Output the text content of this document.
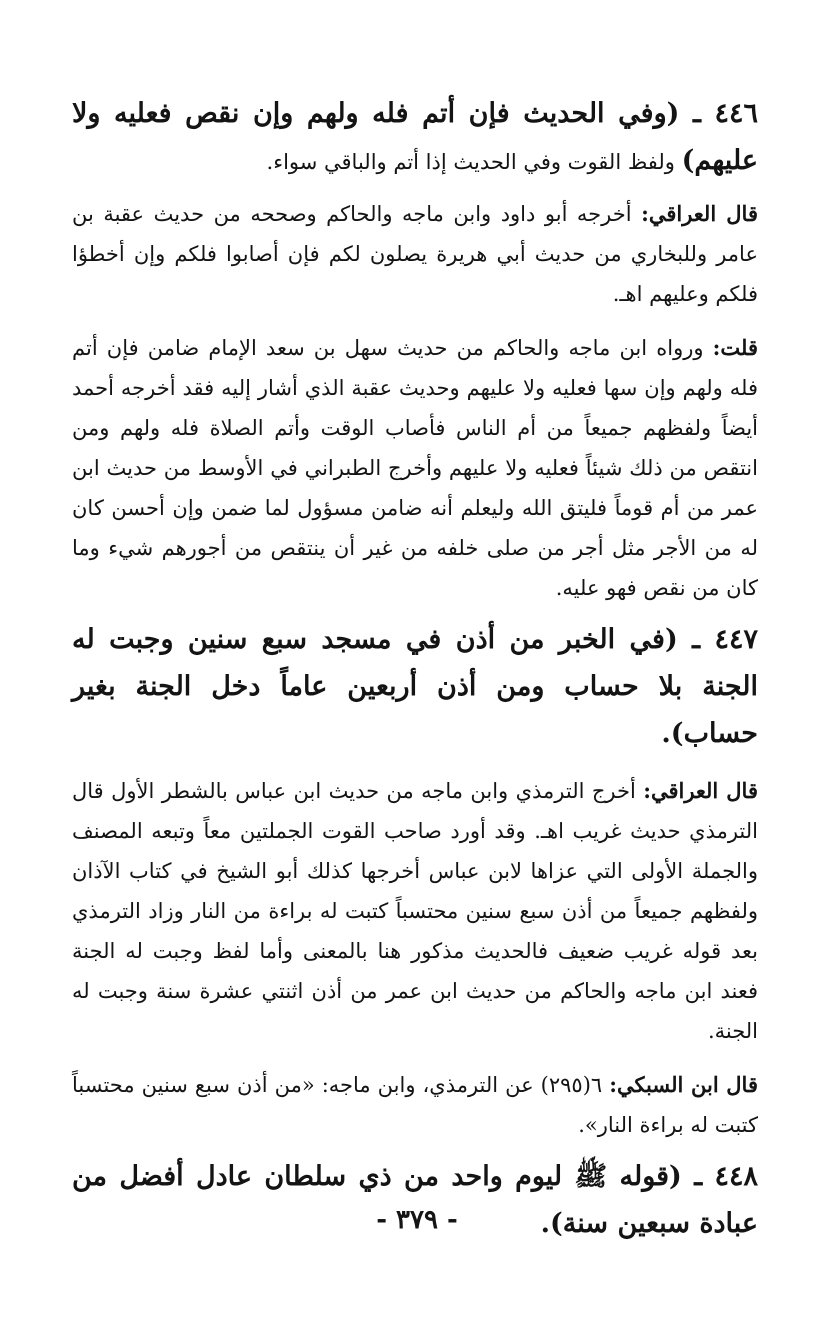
٤٤٦ ـ (وفي الحديث فإن أتم فله ولهم وإن نقص فعليه ولا عليهم) ولفظ القوت وفي الحديث إذا أتم والباقي سواء.

قال العراقي: أخرجه أبو داود وابن ماجه والحاكم وصححه من حديث عقبة بن عامر وللبخاري من حديث أبي هريرة يصلون لكم فإن أصابوا فلكم وإن أخطؤا فلكم وعليهم اهـ.

قلت: ورواه ابن ماجه والحاكم من حديث سهل بن سعد الإمام ضامن فإن أتم فله ولهم وإن سها فعليه ولا عليهم وحديث عقبة الذي أشار إليه فقد أخرجه أحمد أيضاً ولفظهم جميعاً من أم الناس فأصاب الوقت وأتم الصلاة فله ولهم ومن انتقص من ذلك شيئاً فعليه ولا عليهم وأخرج الطبراني في الأوسط من حديث ابن عمر من أم قوماً فليتق الله وليعلم أنه ضامن مسؤول لما ضمن وإن أحسن كان له من الأجر مثل أجر من صلى خلفه من غير أن ينتقص من أجورهم شيء وما كان من نقص فهو عليه.

٤٤٧ ـ (في الخبر من أذن في مسجد سبع سنين وجبت له الجنة بلا حساب ومن أذن أربعين عاماً دخل الجنة بغير حساب).

قال العراقي: أخرج الترمذي وابن ماجه من حديث ابن عباس بالشطر الأول قال الترمذي حديث غريب اهـ. وقد أورد صاحب القوت الجملتين معاً وتبعه المصنف والجملة الأولى التي عزاها لابن عباس أخرجها كذلك أبو الشيخ في كتاب الآذان ولفظهم جميعاً من أذن سبع سنين محتسباً كتبت له براءة من النار وزاد الترمذي بعد قوله غريب ضعيف فالحديث مذكور هنا بالمعنى وأما لفظ وجبت له الجنة فعند ابن ماجه والحاكم من حديث ابن عمر من أذن اثنتي عشرة سنة وجبت له الجنة.

قال ابن السبكي: ٦(٢٩٥) عن الترمذي، وابن ماجه: «من أذن سبع سنين محتسباً كتبت له براءة النار».

٤٤٨ ـ (قوله ﷺ ليوم واحد من ذي سلطان عادل أفضل من عبادة سبعين سنة).

- ٣٧٩ -
